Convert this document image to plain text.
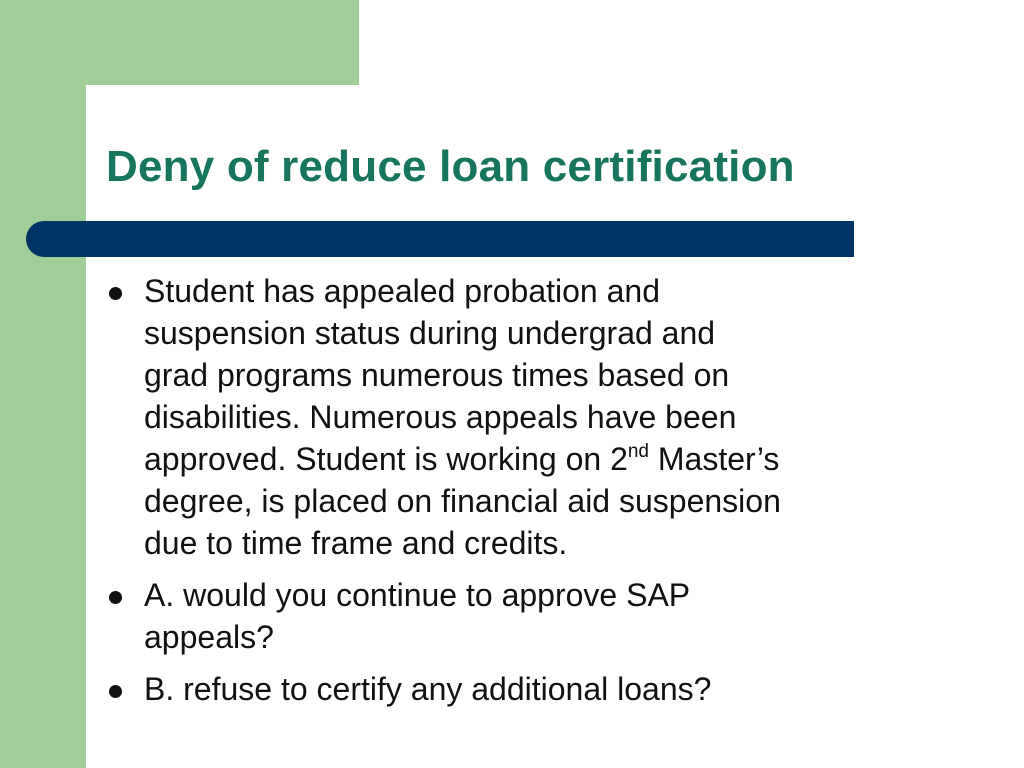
Deny of reduce loan certification
Student has appealed probation and
suspension status during undergrad and
grad programs numerous times based on
disabilities. Numerous appeals have been
approved. Student is working on 2nd Master’s
degree, is placed on financial aid suspension
due to time frame and credits.
A. would you continue to approve SAP
appeals?
B. refuse to certify any additional loans?
